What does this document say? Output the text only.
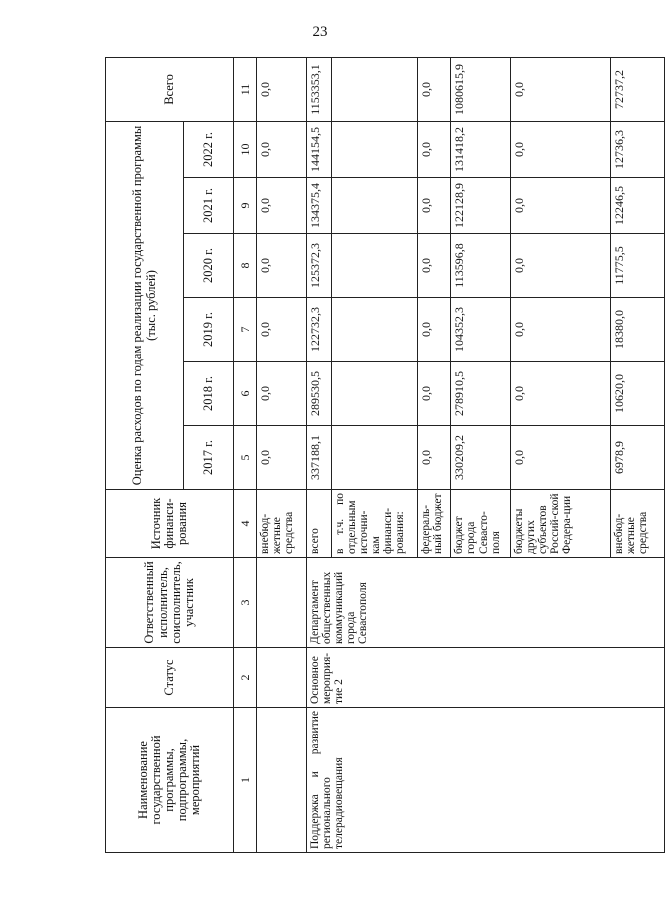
23
Наименование государственной программы, подпрограммы, мероприятий	Статус	Ответственный исполнитель, соисполнитель, участник	Источник финанси-рования	Оценка расходов по годам реализации государственной программы (тыс. рублей)						Всего
				2017 г.	2018 г.	2019 г.	2020 г.	2021 г.	2022 г.	
1	2	3	4	5	6	7	8	9	10	11
			внебюд-жетные средства	0,0	0,0	0,0	0,0	0,0	0,0	0,0
Поддержка и развитие регионального телерадиовещания	Основное мероприя-тие 2	Департамент общественных коммуникаций города Севастополя	всего	337188,1	289530,5	122732,3	125372,3	134375,4	144154,5	1153353,1
			в т.ч. по отдельным источни-кам финанси-рования:							
			федераль-ный бюджет	0,0	0,0	0,0	0,0	0,0	0,0	0,0
			бюджет города Севасто-поля	330209,2	278910,5	104352,3	113596,8	122128,9	131418,2	1080615,9
			бюджеты других субъектов Россий-ской Федера-ции	0,0	0,0	0,0	0,0	0,0	0,0	0,0
			внебюд-жетные средства	6978,9	10620,0	18380,0	11775,5	12246,5	12736,3	72737,2
